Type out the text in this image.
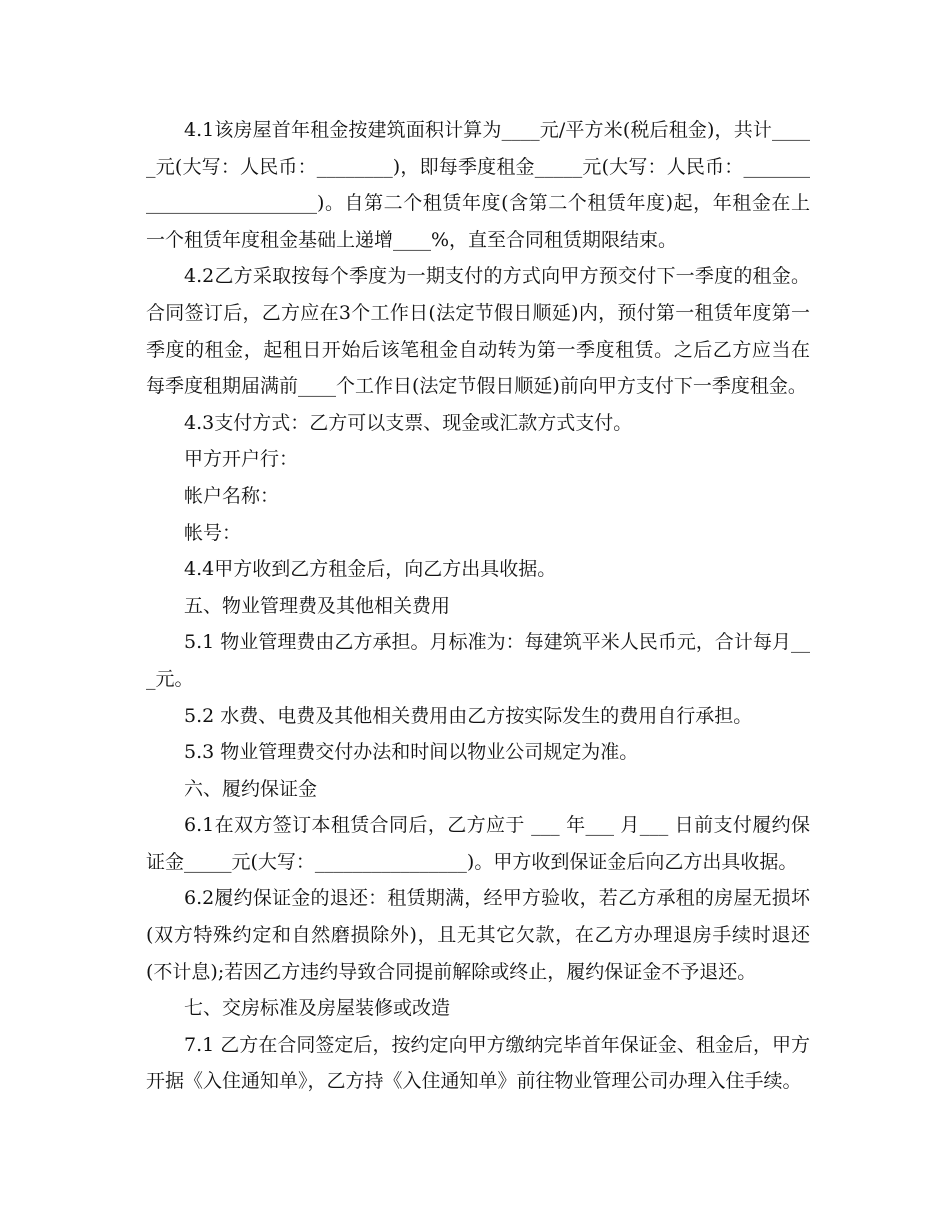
4.1该房屋首年租金按建筑面积计算为____元/平方米(税后租金)，共计_____元(大写：人民币：________)，即每季度租金_____元(大写：人民币：_________________________)。自第二个租赁年度(含第二个租赁年度)起，年租金在上一个租赁年度租金基础上递增____%，直至合同租赁期限结束。

4.2乙方采取按每个季度为一期支付的方式向甲方预交付下一季度的租金。合同签订后，乙方应在3个工作日(法定节假日顺延)内，预付第一租赁年度第一季度的租金，起租日开始后该笔租金自动转为第一季度租赁。之后乙方应当在每季度租期届满前____个工作日(法定节假日顺延)前向甲方支付下一季度租金。

4.3支付方式：乙方可以支票、现金或汇款方式支付。

甲方开户行：

帐户名称：

帐号：

4.4甲方收到乙方租金后，向乙方出具收据。

五、物业管理费及其他相关费用

5.1 物业管理费由乙方承担。月标准为：每建筑平米人民币元，合计每月___元。

5.2 水费、电费及其他相关费用由乙方按实际发生的费用自行承担。

5.3 物业管理费交付办法和时间以物业公司规定为准。

六、履约保证金

6.1在双方签订本租赁合同后，乙方应于 ___ 年___ 月___ 日前支付履约保证金_____元(大写：________________)。甲方收到保证金后向乙方出具收据。

6.2履约保证金的退还：租赁期满，经甲方验收，若乙方承租的房屋无损坏(双方特殊约定和自然磨损除外)，且无其它欠款，在乙方办理退房手续时退还(不计息);若因乙方违约导致合同提前解除或终止，履约保证金不予退还。

七、交房标准及房屋装修或改造

7.1 乙方在合同签定后，按约定向甲方缴纳完毕首年保证金、租金后，甲方开据《入住通知单》，乙方持《入住通知单》前往物业管理公司办理入住手续。
